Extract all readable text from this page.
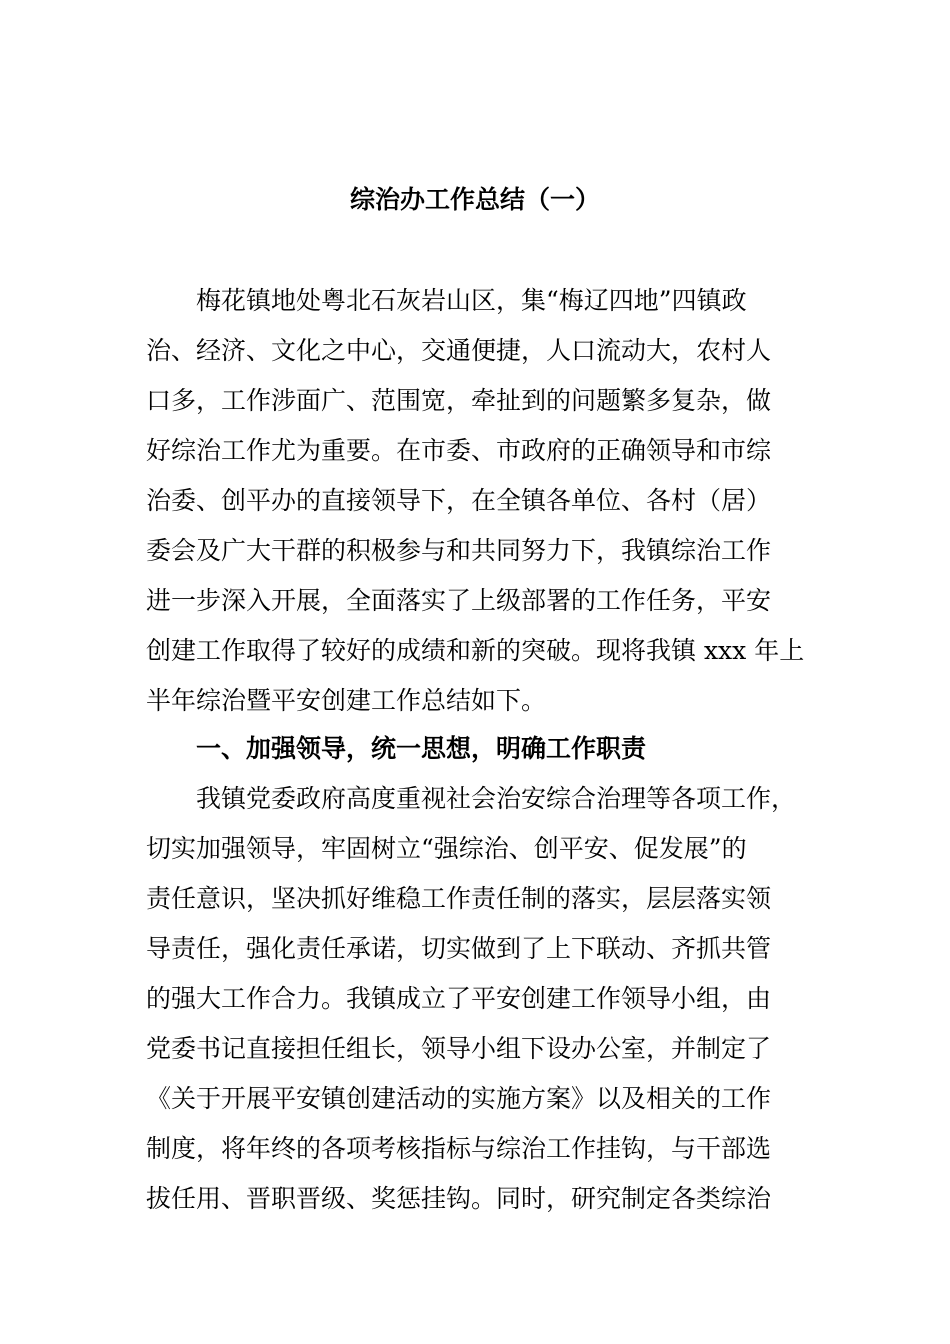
综治办工作总结（一）
　　梅花镇地处粤北石灰岩山区，集“梅辽四地”四镇政
治、经济、文化之中心，交通便捷，人口流动大，农村人
口多，工作涉面广、范围宽，牵扯到的问题繁多复杂，做
好综治工作尤为重要。在市委、市政府的正确领导和市综
治委、创平办的直接领导下，在全镇各单位、各村（居）
委会及广大干群的积极参与和共同努力下，我镇综治工作
进一步深入开展，全面落实了上级部署的工作任务，平安
创建工作取得了较好的成绩和新的突破。现将我镇 xxx 年上
半年综治暨平安创建工作总结如下。
　　一、加强领导，统一思想，明确工作职责
　　我镇党委政府高度重视社会治安综合治理等各项工作，
切实加强领导，牢固树立“强综治、创平安、促发展”的
责任意识，坚决抓好维稳工作责任制的落实，层层落实领
导责任，强化责任承诺，切实做到了上下联动、齐抓共管
的强大工作合力。我镇成立了平安创建工作领导小组，由
党委书记直接担任组长，领导小组下设办公室，并制定了
《关于开展平安镇创建活动的实施方案》以及相关的工作
制度，将年终的各项考核指标与综治工作挂钩，与干部选
拔任用、晋职晋级、奖惩挂钩。同时，研究制定各类综治
